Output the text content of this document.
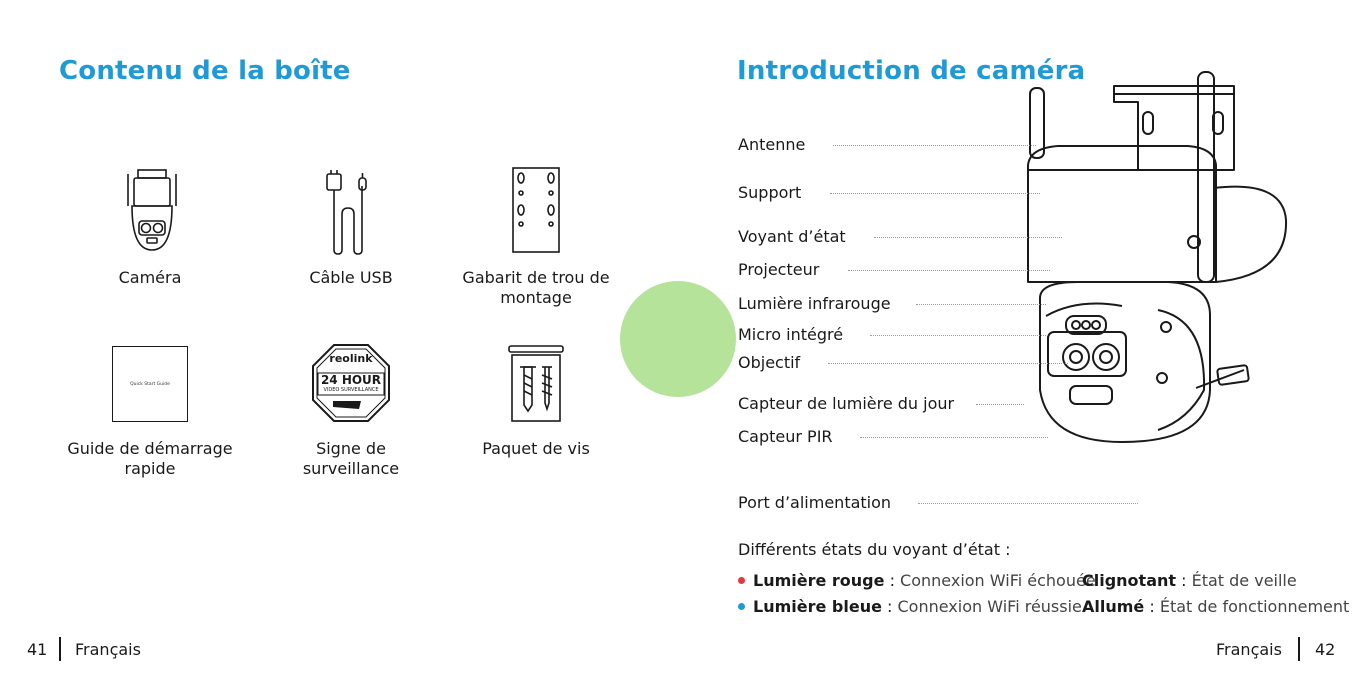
Contenu de la boîte
Caméra	Câble USB	Gabarit de trou de montage
Quick Start Guide
reolink
24 HOUR
VIDEO SURVEILLANCE
Guide de démarrage rapide
Signe de surveillance
Paquet de vis
41 Français
Introduction de caméra
Antenne
Support
Voyant d’état
Projecteur
Lumière infrarouge
Micro intégré
Objectif
Capteur de lumière du jour
Capteur PIR
Port d’alimentation
Différents états du voyant d’état :
Lumière rouge : Connexion WiFi échouée
Lumière bleue : Connexion WiFi réussie
Clignotant : État de veille
Allumé : État de fonctionnement
Français 42
